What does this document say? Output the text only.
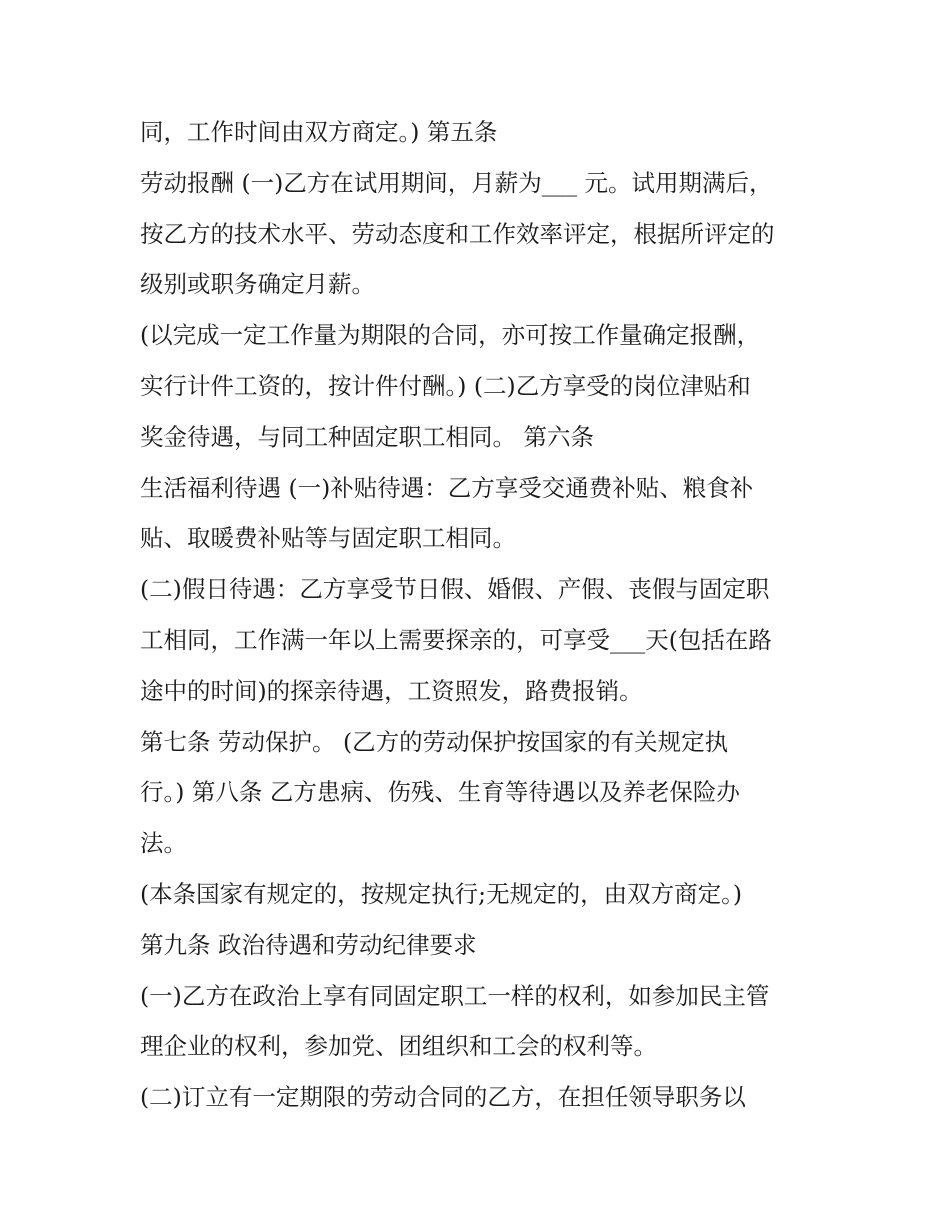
同，工作时间由双方商定。) 第五条
劳动报酬 (一)乙方在试用期间，月薪为___ 元。试用期满后，
按乙方的技术水平、劳动态度和工作效率评定，根据所评定的
级别或职务确定月薪。
(以完成一定工作量为期限的合同，亦可按工作量确定报酬，
实行计件工资的，按计件付酬。) (二)乙方享受的岗位津贴和
奖金待遇，与同工种固定职工相同。 第六条
生活福利待遇 (一)补贴待遇：乙方享受交通费补贴、粮食补
贴、取暖费补贴等与固定职工相同。
(二)假日待遇：乙方享受节日假、婚假、产假、丧假与固定职
工相同，工作满一年以上需要探亲的，可享受___天(包括在路
途中的时间)的探亲待遇，工资照发，路费报销。
第七条 劳动保护。 (乙方的劳动保护按国家的有关规定执
行。) 第八条 乙方患病、伤残、生育等待遇以及养老保险办
法。
(本条国家有规定的，按规定执行;无规定的，由双方商定。)
第九条 政治待遇和劳动纪律要求
(一)乙方在政治上享有同固定职工一样的权利，如参加民主管
理企业的权利，参加党、团组织和工会的权利等。
(二)订立有一定期限的劳动合同的乙方，在担任领导职务以
